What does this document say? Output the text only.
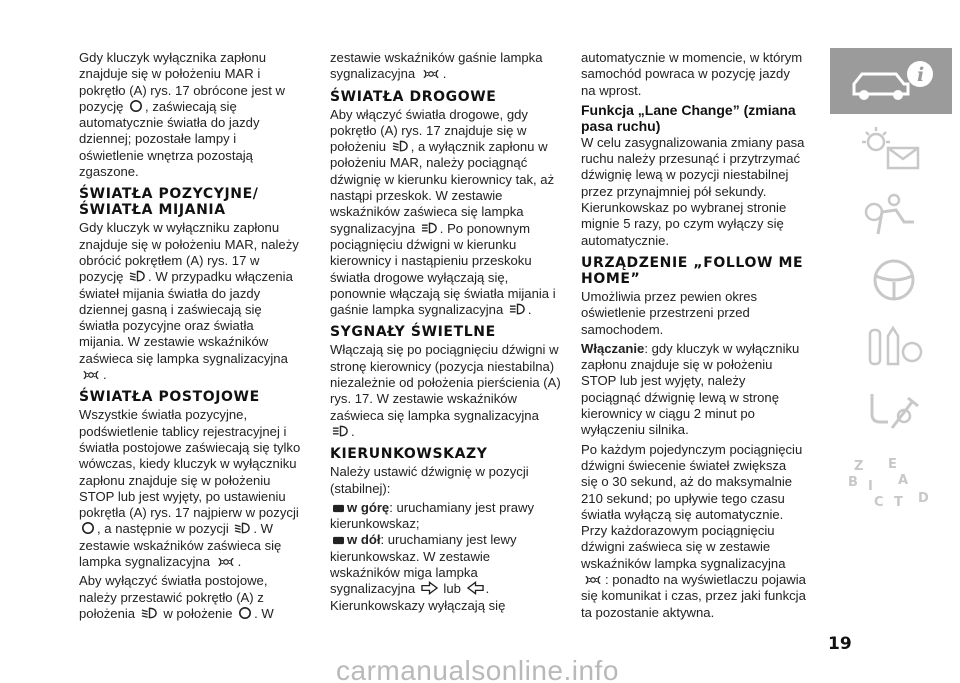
Gdy kluczyk wyłącznika zapłonu znajduje się w położeniu MAR i pokrętło (A) rys. 17 obrócone jest w pozycję , zaświecają się automatycznie światła do jazdy dziennej; pozostałe lampy i oświetlenie wnętrza pozostają zgaszone.

ŚWIATŁA POZYCYJNE/ŚWIATŁA MIJANIA

Gdy kluczyk w wyłączniku zapłonu znajduje się w położeniu MAR, należy obrócić pokrętłem (A) rys. 17 w pozycję . W przypadku włączenia świateł mijania światła do jazdy dziennej gasną i zaświecają się światła pozycyjne oraz światła mijania. W zestawie wskaźników zaświeca się lampka sygnalizacyjna .

ŚWIATŁA POSTOJOWE

Wszystkie światła pozycyjne, podświetlenie tablicy rejestracyjnej i światła postojowe zaświecają się tylko wówczas, kiedy kluczyk w wyłączniku zapłonu znajduje się w położeniu STOP lub jest wyjęty, po ustawieniu pokrętła (A) rys. 17 najpierw w pozycji , a następnie w pozycji . W zestawie wskaźników zaświeca się lampka sygnalizacyjna .

Aby wyłączyć światła postojowe, należy przestawić pokrętło (A) z położenia  w położenie . W

zestawie wskaźników gaśnie lampka sygnalizacyjna .

ŚWIATŁA DROGOWE

Aby włączyć światła drogowe, gdy pokrętło (A) rys. 17 znajduje się w położeniu , a wyłącznik zapłonu w położeniu MAR, należy pociągnąć dźwignię w kierunku kierownicy tak, aż nastąpi przeskok. W zestawie wskaźników zaświeca się lampka sygnalizacyjna . Po ponownym pociągnięciu dźwigni w kierunku kierownicy i nastąpieniu przeskoku światła drogowe wyłączają się, ponownie włączają się światła mijania i gaśnie lampka sygnalizacyjna .

SYGNAŁY ŚWIETLNE

Włączają się po pociągnięciu dźwigni w stronę kierownicy (pozycja niestabilna) niezależnie od położenia pierścienia (A) rys. 17. W zestawie wskaźników zaświeca się lampka sygnalizacyjna .

KIERUNKOWSKAZY

Należy ustawić dźwignię w pozycji (stabilnej):

w górę: uruchamiany jest prawy kierunkowskaz;

w dół: uruchamiany jest lewy kierunkowskaz. W zestawie wskaźników miga lampka sygnalizacyjna  lub .
Kierunkowskazy wyłączają się

automatycznie w momencie, w którym samochód powraca w pozycję jazdy na wprost.

Funkcja „Lane Change” (zmiana pasa ruchu)

W celu zasygnalizowania zmiany pasa ruchu należy przesunąć i przytrzymać dźwignię lewą w pozycji niestabilnej przez przynajmniej pół sekundy. Kierunkowskaz po wybranej stronie mignie 5 razy, po czym wyłączy się automatycznie.

URZĄDZENIE „FOLLOW ME HOME”

Umożliwia przez pewien okres oświetlenie przestrzeni przed samochodem.

Włączanie: gdy kluczyk w wyłączniku zapłonu znajduje się w położeniu STOP lub jest wyjęty, należy pociągnąć dźwignię lewą w stronę kierownicy w ciągu 2 minut po wyłączeniu silnika.

Po każdym pojedynczym pociągnięciu dźwigni świecenie świateł zwiększa się o 30 sekund, aż do maksymalnie 210 sekund; po upływie tego czasu światła wyłączą się automatycznie. Przy każdorazowym pociągnięciu dźwigni zaświeca się w zestawie wskaźników lampka sygnalizacyjna : ponadto na wyświetlaczu pojawia się komunikat i czas, przez jaki funkcja ta pozostanie aktywna.

i
Z E
B	A
I
C T D
19
carmanualsonline.info
